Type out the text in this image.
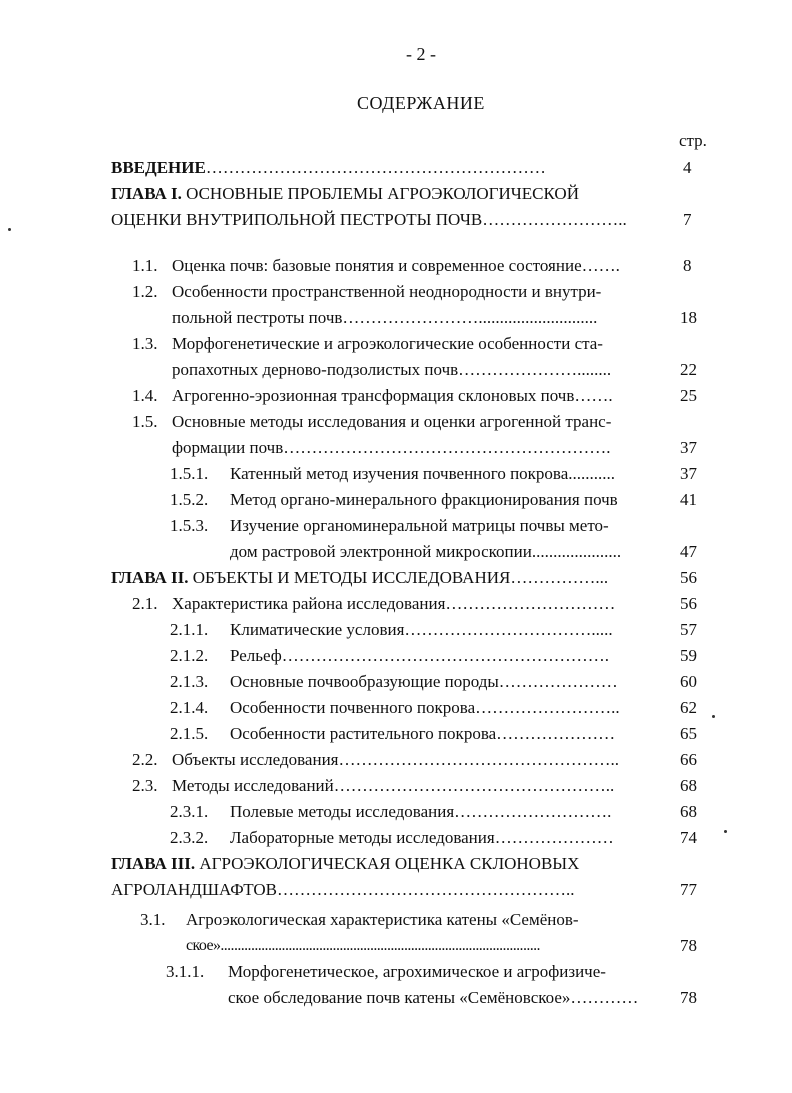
- 2 -
СОДЕРЖАНИЕ
стр.
ВВЕДЕНИЕ……………………………………………………	4
ГЛАВА I. ОСНОВНЫЕ ПРОБЛЕМЫ АГРОЭКОЛОГИЧЕСКОЙ
ОЦЕНКИ ВНУТРИПОЛЬНОЙ ПЕСТРОТЫ ПОЧВ……………………..	7
1.1. Оценка почв: базовые понятия и современное состояние…….	8
1.2. Особенности пространственной неоднородности и внутри-
польной пестроты почв……………………............................	18
1.3. Морфогенетические и агроэкологические особенности ста-
ропахотных дерново-подзолистых почв…………………........	22
1.4. Агрогенно-эрозионная трансформация склоновых почв…….	25
1.5. Основные методы исследования и оценки агрогенной транс-
формации почв………………………………………………….	37
1.5.1. Катенный метод изучения почвенного покрова...........	37
1.5.2. Метод органо-минерального фракционирования почв	41
1.5.3. Изучение органоминеральной матрицы почвы мето-
дом растровой электронной микроскопии.....................	47
ГЛАВА II. ОБЪЕКТЫ И МЕТОДЫ ИССЛЕДОВАНИЯ……………...	56
2.1. Характеристика района исследования…………………………	56
2.1.1. Климатические условия…………………………….....	57
2.1.2. Рельеф………………………………………………….	59
2.1.3. Основные почвообразующие породы…………………	60
2.1.4. Особенности почвенного покрова……………………..	62
2.1.5. Особенности растительного покрова…………………	65
2.2. Объекты исследования…………………………………………..	66
2.3. Методы исследований…………………………………………..	68
2.3.1. Полевые методы исследования……………………….	68
2.3.2. Лабораторные методы исследования…………………	74
ГЛАВА III. АГРОЭКОЛОГИЧЕСКАЯ ОЦЕНКА СКЛОНОВЫХ
АГРОЛАНДШАФТОВ……………………………………………..	77
3.1. Агроэкологическая характеристика катены «Семёнов-
ское»..............................................................................................	78
3.1.1. Морфогенетическое, агрохимическое и агрофизиче-
ское обследование почв катены «Семёновское»………… 78
